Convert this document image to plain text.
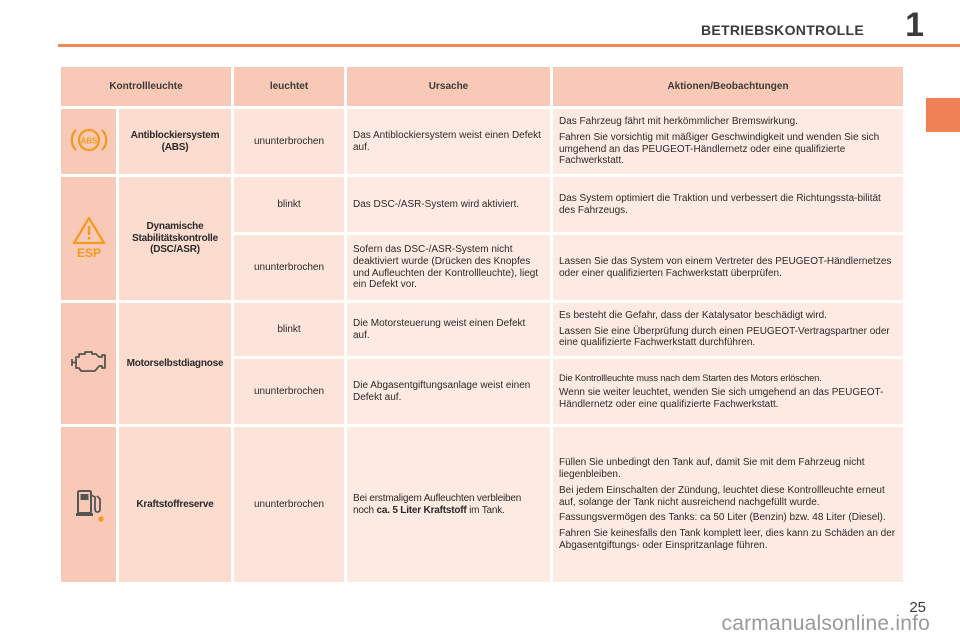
BETRIEBSKONTROLLE 1
Kontrollleuchte		leuchtet	Ursache	Aktionen/Beobachtungen

ABS	Antiblockiersystem
(ABS)	ununterbrochen	Das Antiblockiersystem weist einen Defekt auf.	Das Fahrzeug fährt mit herkömmlicher Bremswirkung.
Fahren Sie vorsichtig mit mäßiger Geschwindigkeit und wenden Sie sich umgehend an das PEUGEOT-Händlernetz oder eine qualifizierte Fachwerkstatt.

ESP	Dynamische
Stabilitätskontrolle
(DSC/ASR)	blinkt	Das DSC-/ASR-System wird aktiviert.	Das System optimiert die Traktion und verbessert die Richtungssta-bilität des Fahrzeugs.
		ununterbrochen	Sofern das DSC-/ASR-System nicht deaktiviert wurde (Drücken des Knopfes und Aufleuchten der Kontrollleuchte), liegt ein Defekt vor.	Lassen Sie das System von einem Vertreter des PEUGEOT-Händlernetzes oder einer qualifizierten Fachwerkstatt überprüfen.
	Motorselbstdiagnose	blinkt	Die Motorsteuerung weist einen Defekt auf.	Es besteht die Gefahr, dass der Katalysator beschädigt wird.
Lassen Sie eine Überprüfung durch einen PEUGEOT-Vertragspartner oder eine qualifizierte Fachwerkstatt durchführen.

		ununterbrochen	Die Abgasentgiftungsanlage weist einen Defekt auf.	Die Kontrollleuchte muss nach dem Starten des Motors erlöschen.
Wenn sie weiter leuchtet, wenden Sie sich umgehend an das PEUGEOT-Händlernetz oder eine qualifizierte Fachwerkstatt.

	Kraftstoffreserve	ununterbrochen	Bei erstmaligem Aufleuchten verbleiben noch ca. 5 Liter Kraftstoff im Tank.	Füllen Sie unbedingt den Tank auf, damit Sie mit dem Fahrzeug nicht liegenbleiben.
Bei jedem Einschalten der Zündung, leuchtet diese Kontrollleuchte erneut auf, solange der Tank nicht ausreichend nachgefüllt wurde.
Fassungsvermögen des Tanks: ca 50 Liter (Benzin) bzw. 48 Liter (Diesel).
Fahren Sie keinesfalls den Tank komplett leer, dies kann zu Schäden an der Abgasentgiftungs- oder Einspritzanlage führen.
25
carmanualsonline.info
